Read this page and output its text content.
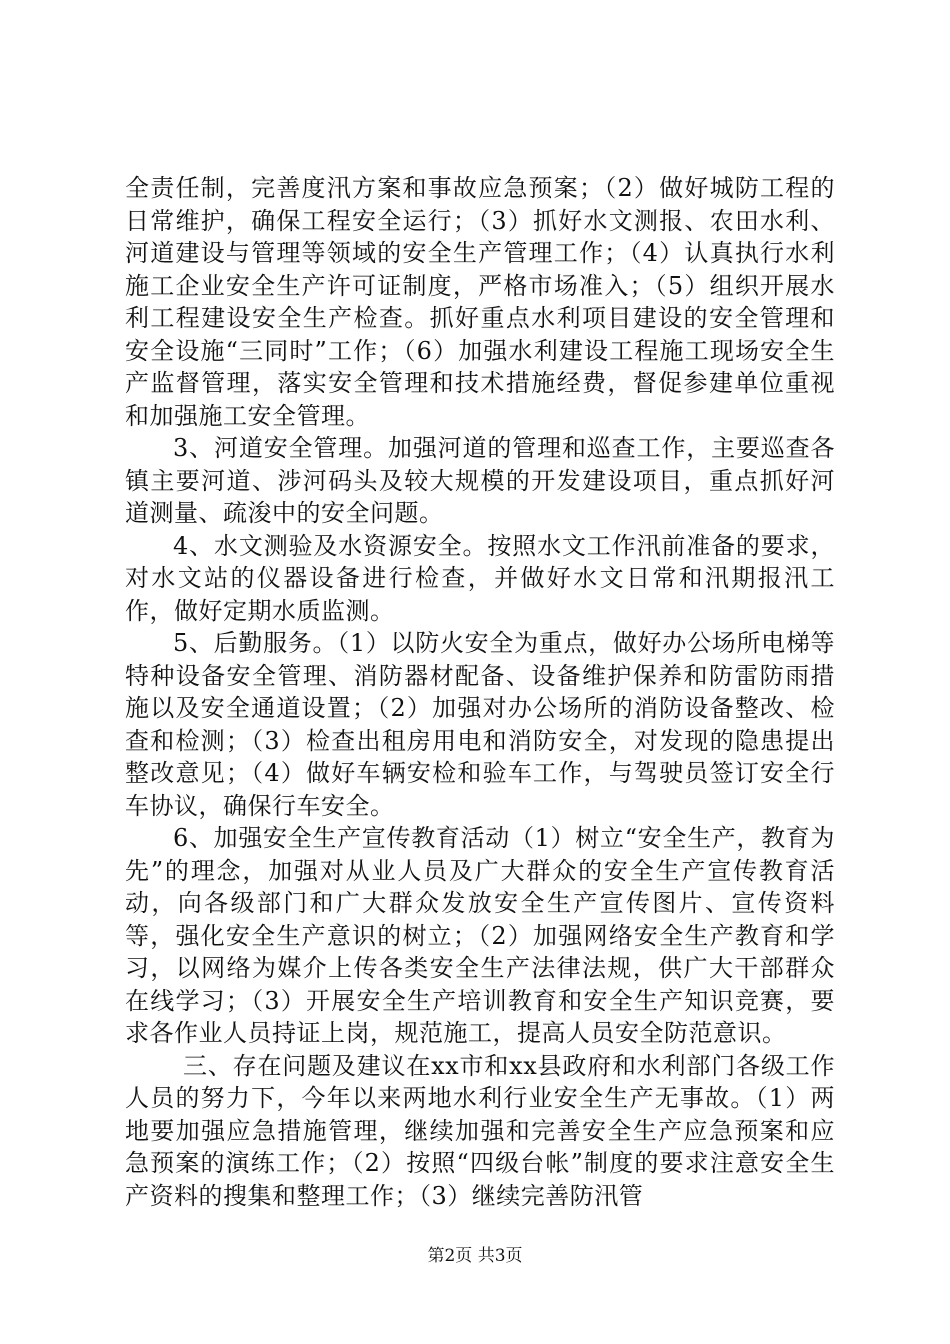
全责任制，完善度汛方案和事故应急预案；（2）做好城防工程的日常维护，确保工程安全运行；（3）抓好水文测报、农田水利、河道建设与管理等领域的安全生产管理工作；（4）认真执行水利施工企业安全生产许可证制度，严格市场准入；（5）组织开展水利工程建设安全生产检查。抓好重点水利项目建设的安全管理和安全设施“三同时”工作；（6）加强水利建设工程施工现场安全生产监督管理，落实安全管理和技术措施经费，督促参建单位重视和加强施工安全管理。

3、河道安全管理。加强河道的管理和巡查工作，主要巡查各镇主要河道、涉河码头及较大规模的开发建设项目，重点抓好河道测量、疏浚中的安全问题。

4、水文测验及水资源安全。按照水文工作汛前准备的要求，对水文站的仪器设备进行检查，并做好水文日常和汛期报汛工作，做好定期水质监测。

5、后勤服务。（1）以防火安全为重点，做好办公场所电梯等特种设备安全管理、消防器材配备、设备维护保养和防雷防雨措施以及安全通道设置；（2）加强对办公场所的消防设备整改、检查和检测；（3）检查出租房用电和消防安全，对发现的隐患提出整改意见；（4）做好车辆安检和验车工作，与驾驶员签订安全行车协议，确保行车安全。

6、加强安全生产宣传教育活动（1）树立“安全生产，教育为先”的理念，加强对从业人员及广大群众的安全生产宣传教育活动，向各级部门和广大群众发放安全生产宣传图片、宣传资料等，强化安全生产意识的树立；（2）加强网络安全生产教育和学习，以网络为媒介上传各类安全生产法律法规，供广大干部群众在线学习；（3）开展安全生产培训教育和安全生产知识竞赛，要求各作业人员持证上岗，规范施工，提高人员安全防范意识。

三、存在问题及建议在xx市和xx县政府和水利部门各级工作人员的努力下，今年以来两地水利行业安全生产无事故。（1）两地要加强应急措施管理，继续加强和完善安全生产应急预案和应急预案的演练工作；（2）按照“四级台帐”制度的要求注意安全生产资料的搜集和整理工作；（3）继续完善防汛管

第2页 共3页
